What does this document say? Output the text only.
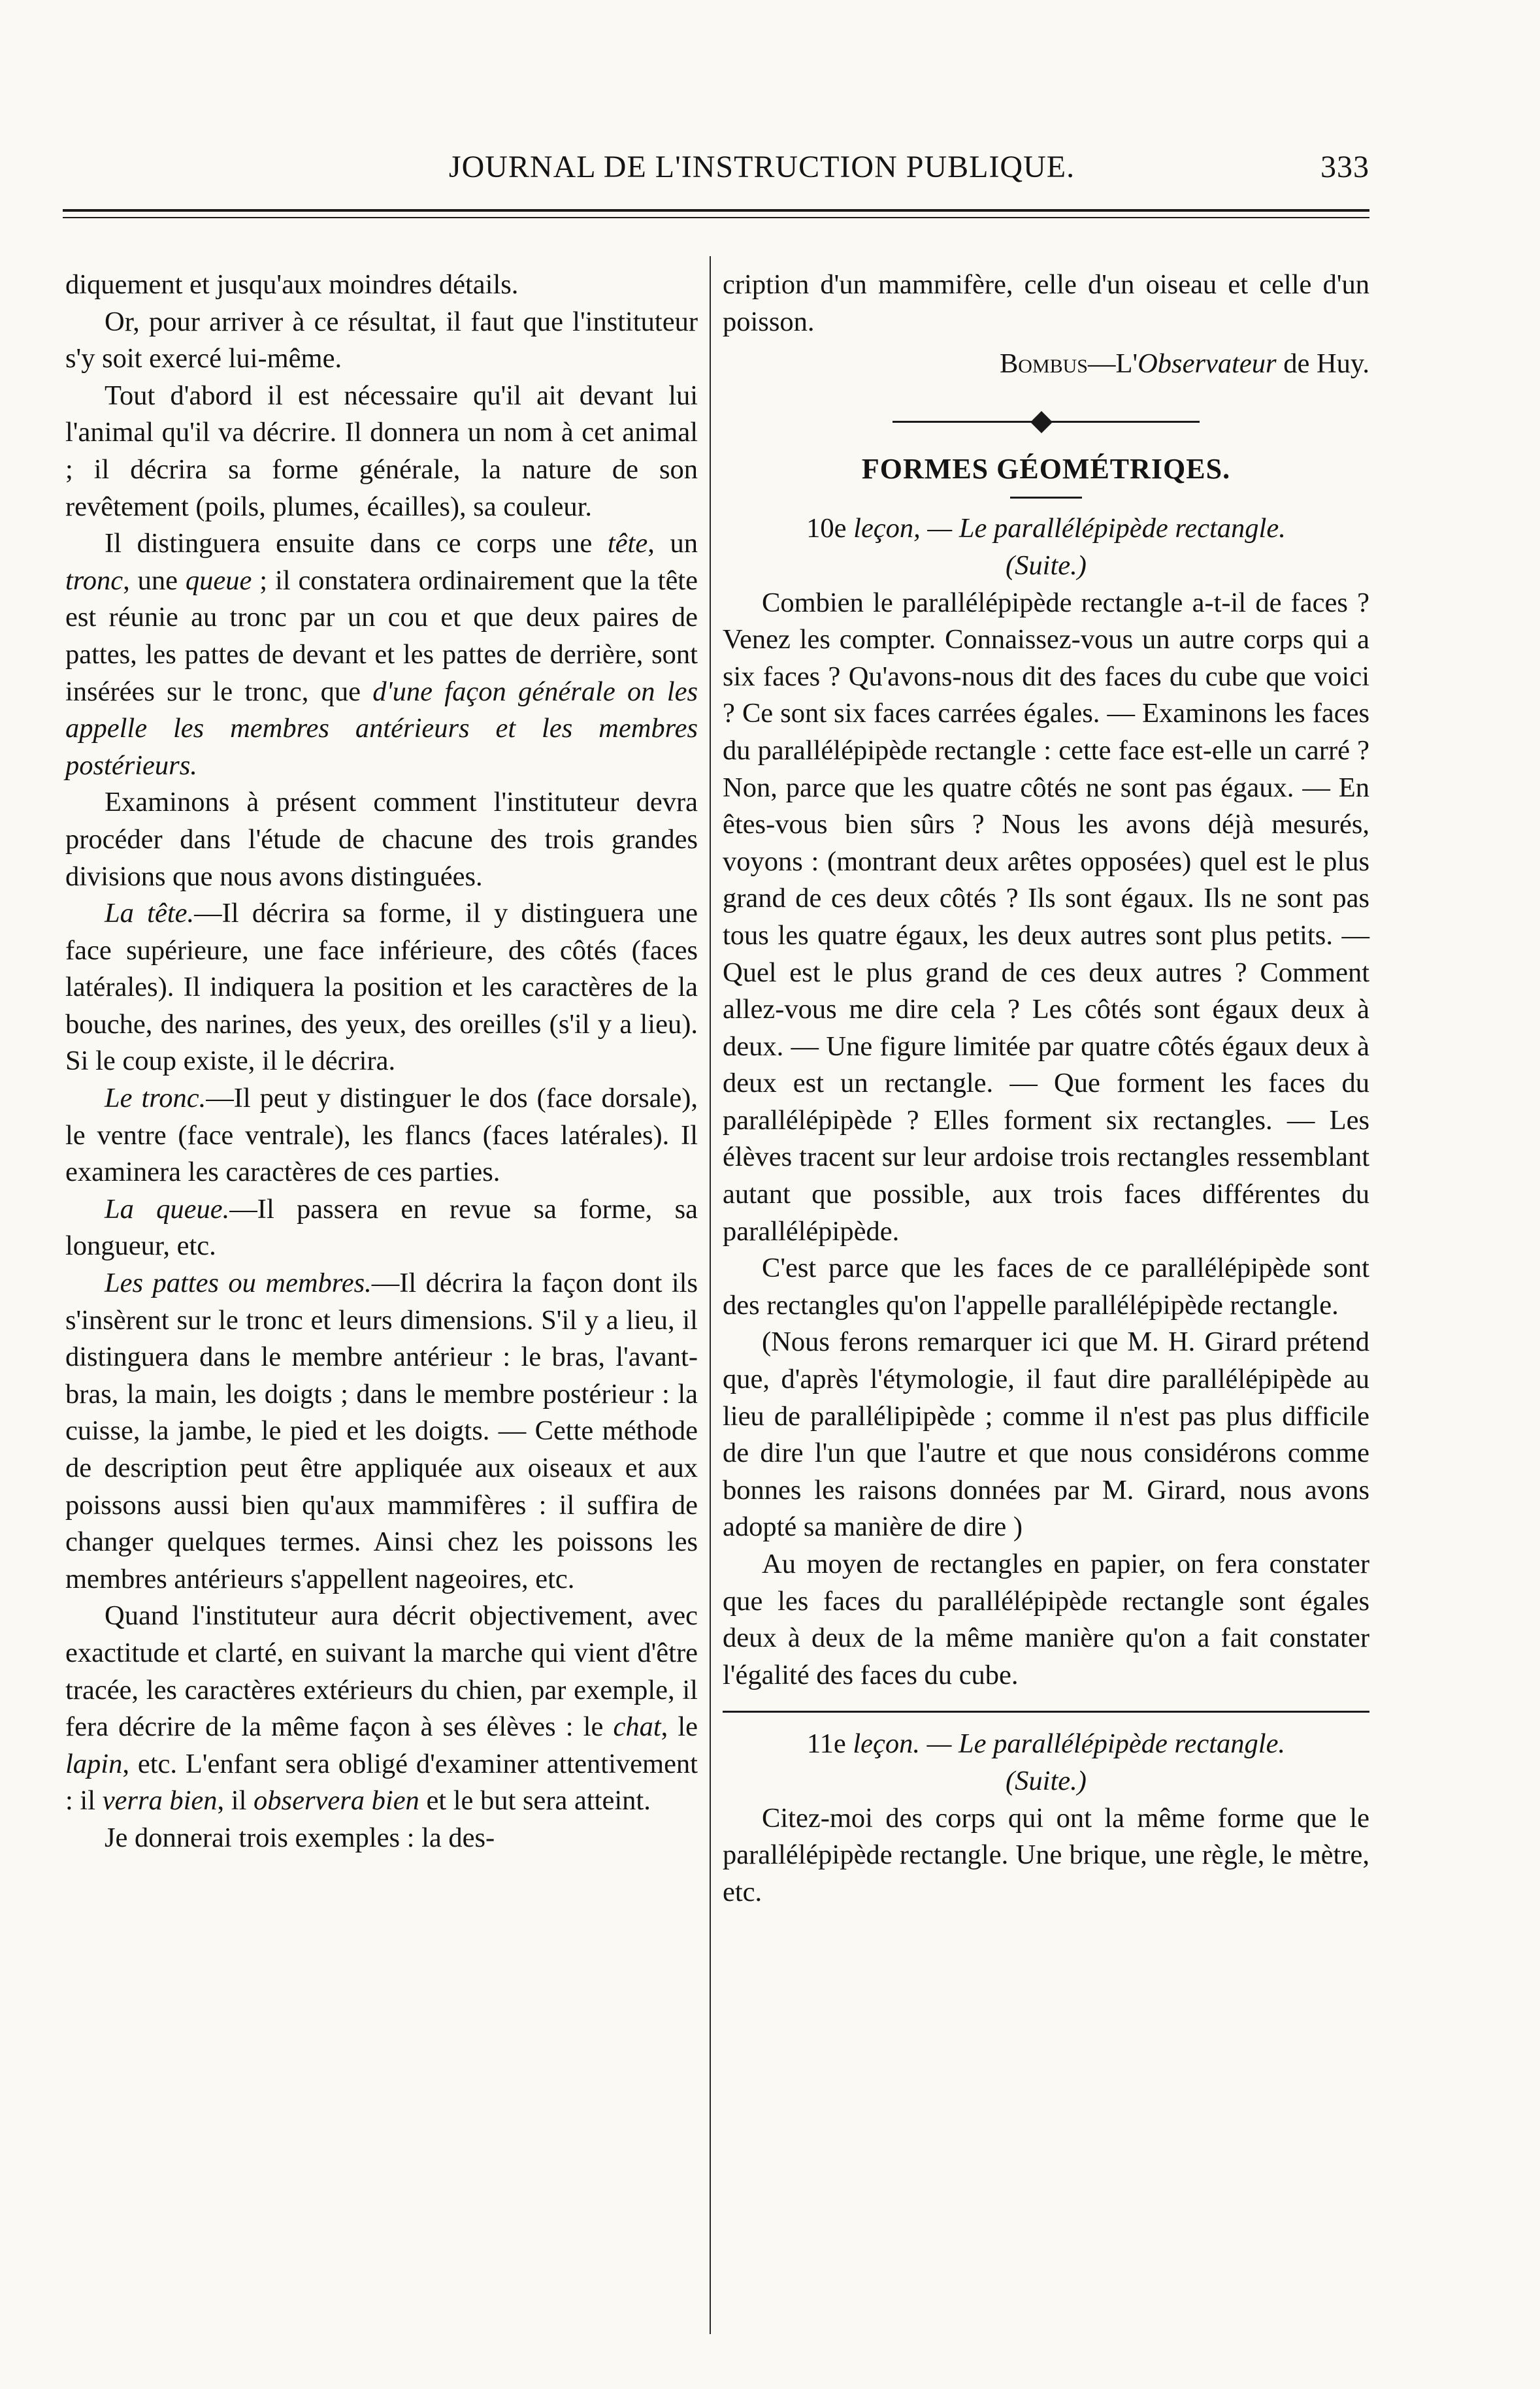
JOURNAL DE L'INSTRUCTION PUBLIQUE.	333

diquement et jusqu'aux moindres détails.

Or, pour arriver à ce résultat, il faut que l'instituteur s'y soit exercé lui-même.

Tout d'abord il est nécessaire qu'il ait devant lui l'animal qu'il va décrire. Il donnera un nom à cet animal ; il décrira sa forme générale, la nature de son revêtement (poils, plumes, écailles), sa couleur.

Il distinguera ensuite dans ce corps une tête, un tronc, une queue ; il constatera ordinairement que la tête est réunie au tronc par un cou et que deux paires de pattes, les pattes de devant et les pattes de derrière, sont insérées sur le tronc, que d'une façon générale on les appelle les membres antérieurs et les membres postérieurs.

Examinons à présent comment l'instituteur devra procéder dans l'étude de chacune des trois grandes divisions que nous avons distinguées.

La tête.—Il décrira sa forme, il y distinguera une face supérieure, une face inférieure, des côtés (faces latérales). Il indiquera la position et les caractères de la bouche, des narines, des yeux, des oreilles (s'il y a lieu). Si le coup existe, il le décrira.

Le tronc.—Il peut y distinguer le dos (face dorsale), le ventre (face ventrale), les flancs (faces latérales). Il examinera les caractères de ces parties.

La queue.—Il passera en revue sa forme, sa longueur, etc.

Les pattes ou membres.—Il décrira la façon dont ils s'insèrent sur le tronc et leurs dimensions. S'il y a lieu, il distinguera dans le membre antérieur : le bras, l'avant-bras, la main, les doigts ; dans le membre postérieur : la cuisse, la jambe, le pied et les doigts. — Cette méthode de description peut être appliquée aux oiseaux et aux poissons aussi bien qu'aux mammifères : il suffira de changer quelques termes. Ainsi chez les poissons les membres antérieurs s'appellent nageoires, etc.

Quand l'instituteur aura décrit objectivement, avec exactitude et clarté, en suivant la marche qui vient d'être tracée, les caractères extérieurs du chien, par exemple, il fera décrire de la même façon à ses élèves : le chat, le lapin, etc. L'enfant sera obligé d'examiner attentivement : il verra bien, il observera bien et le but sera atteint.

Je donnerai trois exemples : la des-

cription d'un mammifère, celle d'un oiseau et celle d'un poisson.

Bombus—L'Observateur de Huy.

FORMES GÉOMÉTRIQES.

10e leçon, — Le parallélépipède rectangle.

(Suite.)

Combien le parallélépipède rectangle a-t-il de faces ? Venez les compter. Connaissez-vous un autre corps qui a six faces ? Qu'avons-nous dit des faces du cube que voici ? Ce sont six faces carrées égales. — Examinons les faces du parallélépipède rectangle : cette face est-elle un carré ? Non, parce que les quatre côtés ne sont pas égaux. — En êtes-vous bien sûrs ? Nous les avons déjà mesurés, voyons : (montrant deux arêtes opposées) quel est le plus grand de ces deux côtés ? Ils sont égaux. Ils ne sont pas tous les quatre égaux, les deux autres sont plus petits. — Quel est le plus grand de ces deux autres ? Comment allez-vous me dire cela ? Les côtés sont égaux deux à deux. — Une figure limitée par quatre côtés égaux deux à deux est un rectangle. — Que forment les faces du parallélépipède ? Elles forment six rectangles. — Les élèves tracent sur leur ardoise trois rectangles ressemblant autant que possible, aux trois faces différentes du parallélépipède.

C'est parce que les faces de ce parallélépipède sont des rectangles qu'on l'appelle parallélépipède rectangle.

(Nous ferons remarquer ici que M. H. Girard prétend que, d'après l'étymologie, il faut dire parallélépipède au lieu de parallélipipède ; comme il n'est pas plus difficile de dire l'un que l'autre et que nous considérons comme bonnes les raisons données par M. Girard, nous avons adopté sa manière de dire )

Au moyen de rectangles en papier, on fera constater que les faces du parallélépipède rectangle sont égales deux à deux de la même manière qu'on a fait constater l'égalité des faces du cube.

11e leçon. — Le parallélépipède rectangle.

(Suite.)

Citez-moi des corps qui ont la même forme que le parallélépipède rectangle. Une brique, une règle, le mètre, etc.
